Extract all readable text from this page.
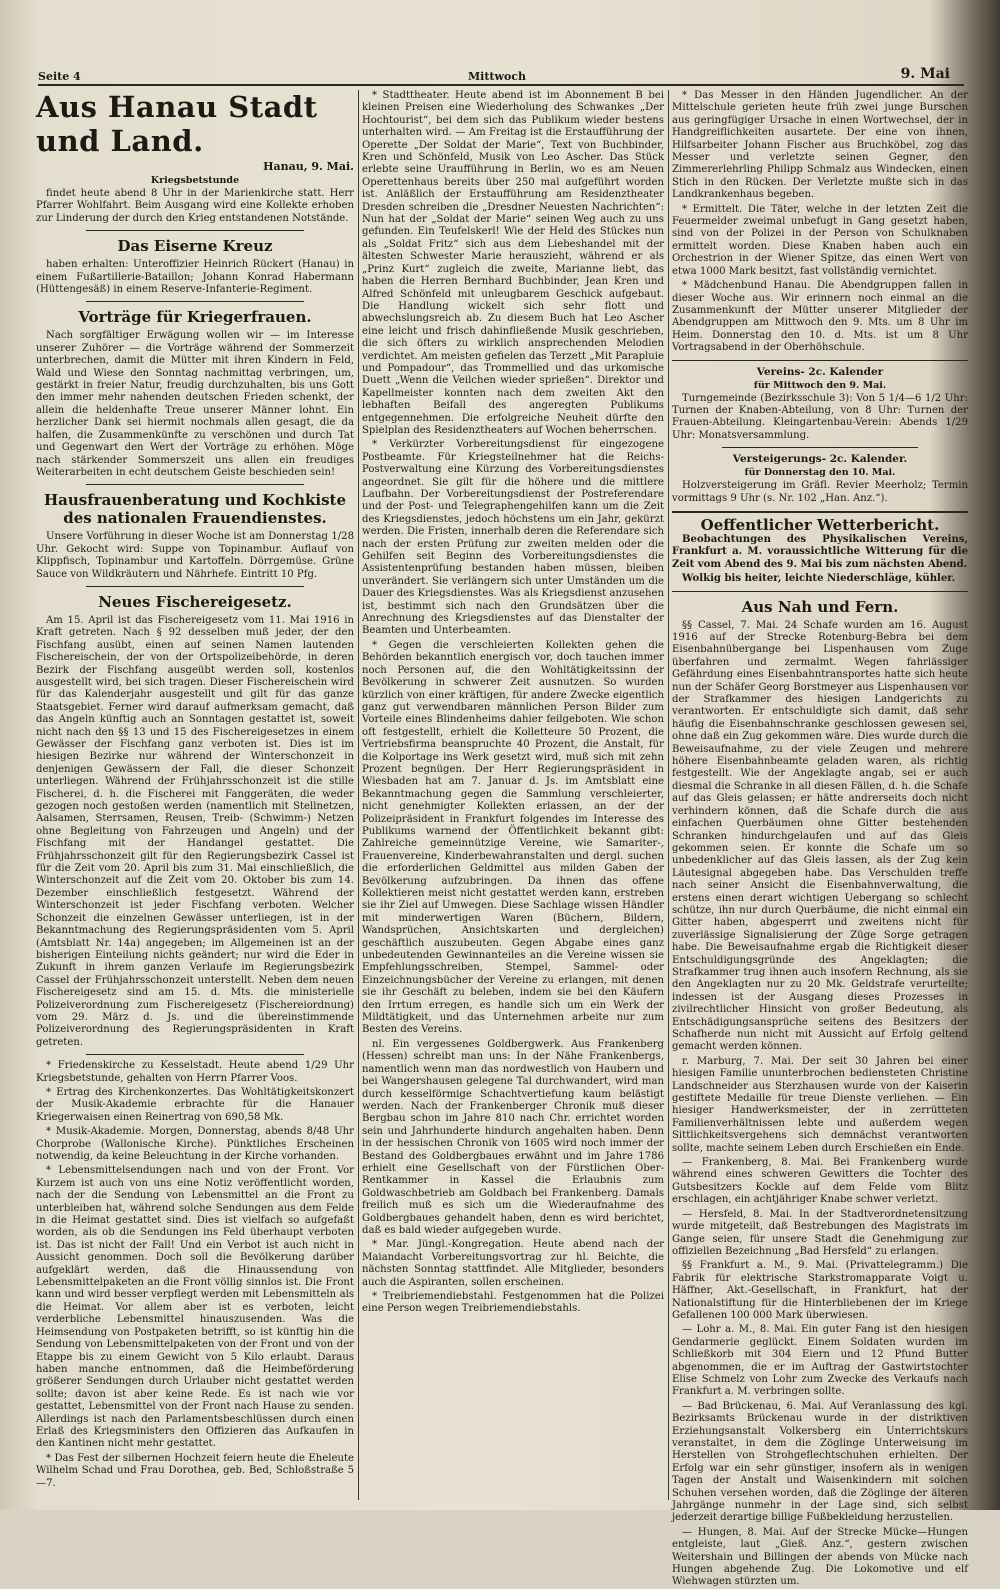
Seite 4	Mittwoch	9. Mai
Aus Hanau Stadt und Land.
Hanau, 9. Mai.
Kriegsbetstunde

findet heute abend 8 Uhr in der Marienkirche statt. Herr Pfarrer Wohlfahrt. Beim Ausgang wird eine Kollekte erhoben zur Linderung der durch den Krieg entstandenen Notstände.

Das Eiserne Kreuz

haben erhalten: Unteroffizier Heinrich Rückert (Hanau) in einem Fußartillerie-Bataillon; Johann Konrad Habermann (Hüttengesäß) in einem Reserve-Infanterie-Regiment.

Vorträge für Kriegerfrauen.

Nach sorgfältiger Erwägung wollen wir — im Interesse unserer Zuhörer — die Vorträge während der Sommerzeit unterbrechen, damit die Mütter mit ihren Kindern in Feld, Wald und Wiese den Sonntag nachmittag verbringen, um, gestärkt in freier Natur, freudig durchzuhalten, bis uns Gott den immer mehr nahenden deutschen Frieden schenkt, der allein die heldenhafte Treue unserer Männer lohnt. Ein herzlicher Dank sei hiermit nochmals allen gesagt, die da halfen, die Zusammenkünfte zu verschönen und durch Tat und Gegenwart den Wert der Vorträge zu erhöhen. Möge nach stärkender Sommerszeit uns allen ein freudiges Weiterarbeiten in echt deutschem Geiste beschieden sein!

Hausfrauenberatung und Kochkiste des nationalen Frauendienstes.

Unsere Vorführung in dieser Woche ist am Donnerstag 1/28 Uhr. Gekocht wird: Suppe von Topinambur. Auflauf von Klippfisch, Topinambur und Kartoffeln. Dörrgemüse. Grüne Sauce von Wildkräutern und Nährhefe. Eintritt 10 Pfg.

Neues Fischereigesetz.

Am 15. April ist das Fischereigesetz vom 11. Mai 1916 in Kraft getreten. Nach § 92 desselben muß jeder, der den Fischfang ausübt, einen auf seinen Namen lautenden Fischereischein, der von der Ortspolizeibehörde, in deren Bezirk der Fischfang ausgeübt werden soll, kostenlos ausgestellt wird, bei sich tragen. Dieser Fischereischein wird für das Kalenderjahr ausgestellt und gilt für das ganze Staatsgebiet. Ferner wird darauf aufmerksam gemacht, daß das Angeln künftig auch an Sonntagen gestattet ist, soweit nicht nach den §§ 13 und 15 des Fischereigesetzes in einem Gewässer der Fischfang ganz verboten ist. Dies ist im hiesigen Bezirke nur während der Winterschonzeit in denjenigen Gewässern der Fall, die dieser Schonzeit unterliegen. Während der Frühjahrsschonzeit ist die stille Fischerei, d. h. die Fischerei mit Fanggeräten, die weder gezogen noch gestoßen werden (namentlich mit Stellnetzen, Aalsamen, Sterrsamen, Reusen, Treib- (Schwimm-) Netzen ohne Begleitung von Fahrzeugen und Angeln) und der Fischfang mit der Handangel gestattet. Die Frühjahrsschonzeit gilt für den Regierungsbezirk Cassel ist für die Zeit vom 20. April bis zum 31. Mai einschließlich, die Winterschonzeit auf die Zeit vom 20. Oktober bis zum 14. Dezember einschließlich festgesetzt. Während der Winterschonzeit ist jeder Fischfang verboten. Welcher Schonzeit die einzelnen Gewässer unterliegen, ist in der Bekanntmachung des Regierungspräsidenten vom 5. April (Amtsblatt Nr. 14a) angegeben; im Allgemeinen ist an der bisherigen Einteilung nichts geändert; nur wird die Eder in Zukunft in ihrem ganzen Verlaufe im Regierungsbezirk Cassel der Frühjahrsschonzeit unterstellt. Neben dem neuen Fischereigesetz sind am 15. d. Mts. die ministerielle Polizeiverordnung zum Fischereigesetz (Fischereiordnung) vom 29. März d. Js. und die übereinstimmende Polizeiverordnung des Regierungspräsidenten in Kraft getreten.

* Friedenskirche zu Kesselstadt. Heute abend 1/29 Uhr Kriegsbetstunde, gehalten von Herrn Pfarrer Voos.

* Ertrag des Kirchenkonzertes. Das Wohltätigkeitskonzert der Musik-Akademie erbrachte für die Hanauer Kriegerwaisen einen Reinertrag von 690,58 Mk.

* Musik-Akademie. Morgen, Donnerstag, abends 8/48 Uhr Chorprobe (Wallonische Kirche). Pünktliches Erscheinen notwendig, da keine Beleuchtung in der Kirche vorhanden.

* Lebensmittelsendungen nach und von der Front. Vor Kurzem ist auch von uns eine Notiz veröffentlicht worden, nach der die Sendung von Lebensmittel an die Front zu unterbleiben hat, während solche Sendungen aus dem Felde in die Heimat gestattet sind. Dies ist vielfach so aufgefaßt worden, als ob die Sendungen ins Feld überhaupt verboten ist. Das ist nicht der Fall! Und ein Verbot ist auch nicht in Aussicht genommen. Doch soll die Bevölkerung darüber aufgeklärt werden, daß die Hinaussendung von Lebensmittelpaketen an die Front völlig sinnlos ist. Die Front kann und wird besser verpflegt werden mit Lebensmitteln als die Heimat. Vor allem aber ist es verboten, leicht verderbliche Lebensmittel hinauszusenden. Was die Heimsendung von Postpaketen betrifft, so ist künftig hin die Sendung von Lebensmittelpaketen von der Front und von der Etappe bis zu einem Gewicht von 5 Kilo erlaubt. Daraus haben manche entnommen, daß die Heimbeförderung größerer Sendungen durch Urlauber nicht gestattet werden sollte; davon ist aber keine Rede. Es ist nach wie vor gestattet, Lebensmittel von der Front nach Hause zu senden. Allerdings ist nach den Parlamentsbeschlüssen durch einen Erlaß des Kriegsministers den Offizieren das Aufkaufen in den Kantinen nicht mehr gestattet.

* Das Fest der silbernen Hochzeit feiern heute die Eheleute Wilhelm Schad und Frau Dorothea, geb. Bed, Schloßstraße 5—7.

* Stadttheater. Heute abend ist im Abonnement B bei kleinen Preisen eine Wiederholung des Schwankes „Der Hochtourist“, bei dem sich das Publikum wieder bestens unterhalten wird. — Am Freitag ist die Erstaufführung der Operette „Der Soldat der Marie“, Text von Buchbinder, Kren und Schönfeld, Musik von Leo Ascher. Das Stück erlebte seine Uraufführung in Berlin, wo es am Neuen Operettenhaus bereits über 250 mal aufgeführt worden ist. Anläßlich der Erstaufführung am Residenztheater Dresden schreiben die „Dresdner Neuesten Nachrichten“: Nun hat der „Soldat der Marie“ seinen Weg auch zu uns gefunden. Ein Teufelskerl! Wie der Held des Stückes nun als „Soldat Fritz“ sich aus dem Liebeshandel mit der ältesten Schwester Marie herauszieht, während er als „Prinz Kurt“ zugleich die zweite, Marianne liebt, das haben die Herren Bernhard Buchbinder, Jean Kren und Alfred Schönfeld mit unleugbarem Geschick aufgebaut. Die Handlung wickelt sich sehr flott und abwechslungsreich ab. Zu diesem Buch hat Leo Ascher eine leicht und frisch dahinfließende Musik geschrieben, die sich öfters zu wirklich ansprechenden Melodien verdichtet. Am meisten gefielen das Terzett „Mit Parapluie und Pompadour“, das Trommellied und das urkomische Duett „Wenn die Veilchen wieder sprießen“. Direktor und Kapellmeister konnten nach dem zweiten Akt den lebhaften Beifall des angeregten Publikums entgegennehmen. Die erfolgreiche Neuheit dürfte den Spielplan des Residenztheaters auf Wochen beherrschen.

* Verkürzter Vorbereitungsdienst für eingezogene Postbeamte. Für Kriegsteilnehmer hat die Reichs-Postverwaltung eine Kürzung des Vorbereitungsdienstes angeordnet. Sie gilt für die höhere und die mittlere Laufbahn. Der Vorbereitungsdienst der Postreferendare und der Post- und Telegraphengehilfen kann um die Zeit des Kriegsdienstes, jedoch höchstens um ein Jahr, gekürzt werden. Die Fristen, innerhalb deren die Referendare sich nach der ersten Prüfung zur zweiten melden oder die Gehilfen seit Beginn des Vorbereitungsdienstes die Assistentenprüfung bestanden haben müssen, bleiben unverändert. Sie verlängern sich unter Umständen um die Dauer des Kriegsdienstes. Was als Kriegsdienst anzusehen ist, bestimmt sich nach den Grundsätzen über die Anrechnung des Kriegsdienstes auf das Dienstalter der Beamten und Unterbeamten.

* Gegen die verschleierten Kollekten gehen die Behörden bekanntlich energisch vor, doch tauchen immer noch Personen auf, die den Wohltätigkeitssinn der Bevölkerung in schwerer Zeit ausnutzen. So wurden kürzlich von einer kräftigen, für andere Zwecke eigentlich ganz gut verwendbaren männlichen Person Bilder zum Vorteile eines Blindenheims dahier feilgeboten. Wie schon oft festgestellt, erhielt die Kolletteure 50 Prozent, die Vertriebsfirma beanspruchte 40 Prozent, die Anstalt, für die Kolportage ins Werk gesetzt wird, muß sich mit zehn Prozent begnügen. Der Herr Regierungspräsident in Wiesbaden hat am 7. Januar d. Js. im Amtsblatt eine Bekanntmachung gegen die Sammlung verschleierter, nicht genehmigter Kollekten erlassen, an der der Polizeipräsident in Frankfurt folgendes im Interesse des Publikums warnend der Öffentlichkeit bekannt gibt: Zahlreiche gemeinnützige Vereine, wie Samariter-, Frauenvereine, Kinderbewahranstalten und dergl. suchen die erforderlichen Geldmittel aus milden Gaben der Bevölkerung aufzubringen. Da ihnen das offene Kollektieren meist nicht gestattet werden kann, erstreben sie ihr Ziel auf Umwegen. Diese Sachlage wissen Händler mit minderwertigen Waren (Büchern, Bildern, Wandsprüchen, Ansichtskarten und dergleichen) geschäftlich auszubeuten. Gegen Abgabe eines ganz unbedeutenden Gewinnanteiles an die Vereine wissen sie Empfehlungsschreiben, Stempel, Sammel- oder Einzeichnungsbücher der Vereine zu erlangen, mit denen sie ihr Geschäft zu beleben, indem sie bei den Käufern den Irrtum erregen, es handle sich um ein Werk der Mildtätigkeit, und das Unternehmen arbeite nur zum Besten des Vereins.

nl. Ein vergessenes Goldbergwerk. Aus Frankenberg (Hessen) schreibt man uns: In der Nähe Frankenbergs, namentlich wenn man das nordwestlich von Haubern und bei Wangershausen gelegene Tal durchwandert, wird man durch kesselförmige Schachtvertiefung kaum belästigt werden. Nach der Frankenberger Chronik muß dieser Bergbau schon im Jahre 810 nach Chr. errichtet worden sein und Jahrhunderte hindurch angehalten haben. Denn in der hessischen Chronik von 1605 wird noch immer der Bestand des Goldbergbaues erwähnt und im Jahre 1786 erhielt eine Gesellschaft von der Fürstlichen Ober-Rentkammer in Kassel die Erlaubnis zum Goldwaschbetrieb am Goldbach bei Frankenberg. Damals freilich muß es sich um die Wiederaufnahme des Goldbergbaues gehandelt haben, denn es wird berichtet, daß es bald wieder aufgegeben wurde.

* Mar. Jüngl.-Kongregation. Heute abend nach der Maiandacht Vorbereitungsvortrag zur hl. Beichte, die nächsten Sonntag stattfindet. Alle Mitglieder, besonders auch die Aspiranten, sollen erscheinen.

* Treibriemendiebstahl. Festgenommen hat die Polizei eine Person wegen Treibriemendiebstahls.

* Das Messer in den Händen Jugendlicher. An der Mittelschule gerieten heute früh zwei junge Burschen aus geringfügiger Ursache in einen Wortwechsel, der in Handgreiflichkeiten ausartete. Der eine von ihnen, Hilfsarbeiter Johann Fischer aus Bruchköbel, zog das Messer und verletzte seinen Gegner, den Zimmererlehrling Philipp Schmalz aus Windecken, einen Stich in den Rücken. Der Verletzte mußte sich in das Landkrankenhaus begeben.

* Ermittelt. Die Täter, welche in der letzten Zeit die Feuermelder zweimal unbefugt in Gang gesetzt haben, sind von der Polizei in der Person von Schulknaben ermittelt worden. Diese Knaben haben auch ein Orchestrion in der Wiener Spitze, das einen Wert von etwa 1000 Mark besitzt, fast vollständig vernichtet.

* Mädchenbund Hanau. Die Abendgruppen fallen in dieser Woche aus. Wir erinnern noch einmal an die Zusammenkunft der Mütter unserer Mitglieder der Abendgruppen am Mittwoch den 9. Mts. um 8 Uhr im Heim. Donnerstag den 10. d. Mts. ist um 8 Uhr Vortragsabend in der Oberhöhschule.

Vereins- 2c. Kalender
für Mittwoch den 9. Mai.

Turngemeinde (Bezirksschule 3): Von 5 1/4—6 1/2 Uhr: Turnen der Knaben-Abteilung, von 8 Uhr: Turnen der Frauen-Abteilung. Kleingartenbau-Verein: Abends 1/29 Uhr: Monatsversammlung.

Versteigerungs- 2c. Kalender.
für Donnerstag den 10. Mai.

Holzversteigerung im Gräfl. Revier Meerholz; Termin vormittags 9 Uhr (s. Nr. 102 „Han. Anz.“).

Oeffentlicher Wetterbericht.

Beobachtungen des Physikalischen Vereins, Frankfurt a. M. voraussichtliche Witterung für die Zeit vom Abend des 9. Mai bis zum nächsten Abend.

Wolkig bis heiter, leichte Niederschläge, kühler.

Aus Nah und Fern.

§§ Cassel, 7. Mai. 24 Schafe wurden am 16. August 1916 auf der Strecke Rotenburg-Bebra bei dem Eisenbahnübergange bei Lispenhausen vom Zuge überfahren und zermalmt. Wegen fahrlässiger Gefährdung eines Eisenbahntransportes hatte sich heute nun der Schäfer Georg Borstmeyer aus Lispenhausen vor der Strafkammer des hiesigen Landgerichts zu verantworten. Er entschuldigte sich damit, daß sehr häufig die Eisenbahnschranke geschlossen gewesen sei, ohne daß ein Zug gekommen wäre. Dies wurde durch die Beweisaufnahme, zu der viele Zeugen und mehrere höhere Eisenbahnbeamte geladen waren, als richtig festgestellt. Wie der Angeklagte angab, sei er auch diesmal die Schranke in all diesen Fällen, d. h. die Schafe auf das Gleis gelassen; er hätte andrerseits doch nicht verhindern können, daß die Schafe durch die aus einfachen Querbäumen ohne Gitter bestehenden Schranken hindurchgelaufen und auf das Gleis gekommen seien. Er konnte die Schafe um so unbedenklicher auf das Gleis lassen, als der Zug kein Läutesignal abgegeben habe. Das Verschulden treffe nach seiner Ansicht die Eisenbahnverwaltung, die erstens einen derart wichtigen Uebergang so schlecht schütze, ihn nur durch Querbäume, die nicht einmal ein Gitter haben, abgesperrt und zweitens nicht für zuverlässige Signalisierung der Züge Sorge getragen habe. Die Beweisaufnahme ergab die Richtigkeit dieser Entschuldigungsgründe des Angeklagten; die Strafkammer trug ihnen auch insofern Rechnung, als sie den Angeklagten nur zu 20 Mk. Geldstrafe verurteilte; indessen ist der Ausgang dieses Prozesses in zivilrechtlicher Hinsicht von großer Bedeutung, als Entschädigungsansprüche seitens des Besitzers der Schafherde nun nicht mit Aussicht auf Erfolg geltend gemacht werden können.

r. Marburg, 7. Mai. Der seit 30 Jahren bei einer hiesigen Familie ununterbrochen bediensteten Christine Landschneider aus Sterzhausen wurde von der Kaiserin gestiftete Medaille für treue Dienste verliehen. — Ein hiesiger Handwerksmeister, der in zerrütteten Familienverhältnissen lebte und außerdem wegen Sittlichkeitsvergehens sich demnächst verantworten sollte, machte seinem Leben durch Erschießen ein Ende.

— Frankenberg, 8. Mai. Bei Frankenberg wurde während eines schweren Gewitters die Tochter des Gutsbesitzers Kockle auf dem Felde vom Blitz erschlagen, ein achtjähriger Knabe schwer verletzt.

— Hersfeld, 8. Mai. In der Stadtverordnetensitzung wurde mitgeteilt, daß Bestrebungen des Magistrats im Gange seien, für unsere Stadt die Genehmigung zur offiziellen Bezeichnung „Bad Hersfeld“ zu erlangen.

§§ Frankfurt a. M., 9. Mai. (Privattelegramm.) Die Fabrik für elektrische Starkstromapparate Voigt u. Häffner, Akt.-Gesellschaft, in Frankfurt, hat der Nationalstiftung für die Hinterbliebenen der im Kriege Gefallenen 100 000 Mark überwiesen.

— Lohr a. M., 8. Mai. Ein guter Fang ist den hiesigen Gendarmerie geglückt. Einem Soldaten wurden im Schließkorb mit 304 Eiern und 12 Pfund Butter abgenommen, die er im Auftrag der Gastwirtstochter Elise Schmelz von Lohr zum Zwecke des Verkaufs nach Frankfurt a. M. verbringen sollte.

— Bad Brückenau, 6. Mai. Auf Veranlassung des kgl. Bezirksamts Brückenau wurde in der distriktiven Erziehungsanstalt Volkersberg ein Unterrichtskurs veranstaltet, in dem die Zöglinge Unterweisung im Herstellen von Strohgeflechtschuhen erhielten. Der Erfolg war ein sehr günstiger, insofern als in wenigen Tagen der Anstalt und Waisenkindern mit solchen Schuhen versehen worden, daß die Zöglinge der älteren Jahrgänge nunmehr in der Lage sind, sich selbst jederzeit derartige billige Fußbekleidung herzustellen.

— Hungen, 8. Mai. Auf der Strecke Mücke—Hungen entgleiste, laut „Gieß. Anz.“, gestern zwischen Weitershain und Billingen der abends von Mücke nach Hungen abgehende Zug. Die Lokomotive und elf Wiehwagen stürzten um.
